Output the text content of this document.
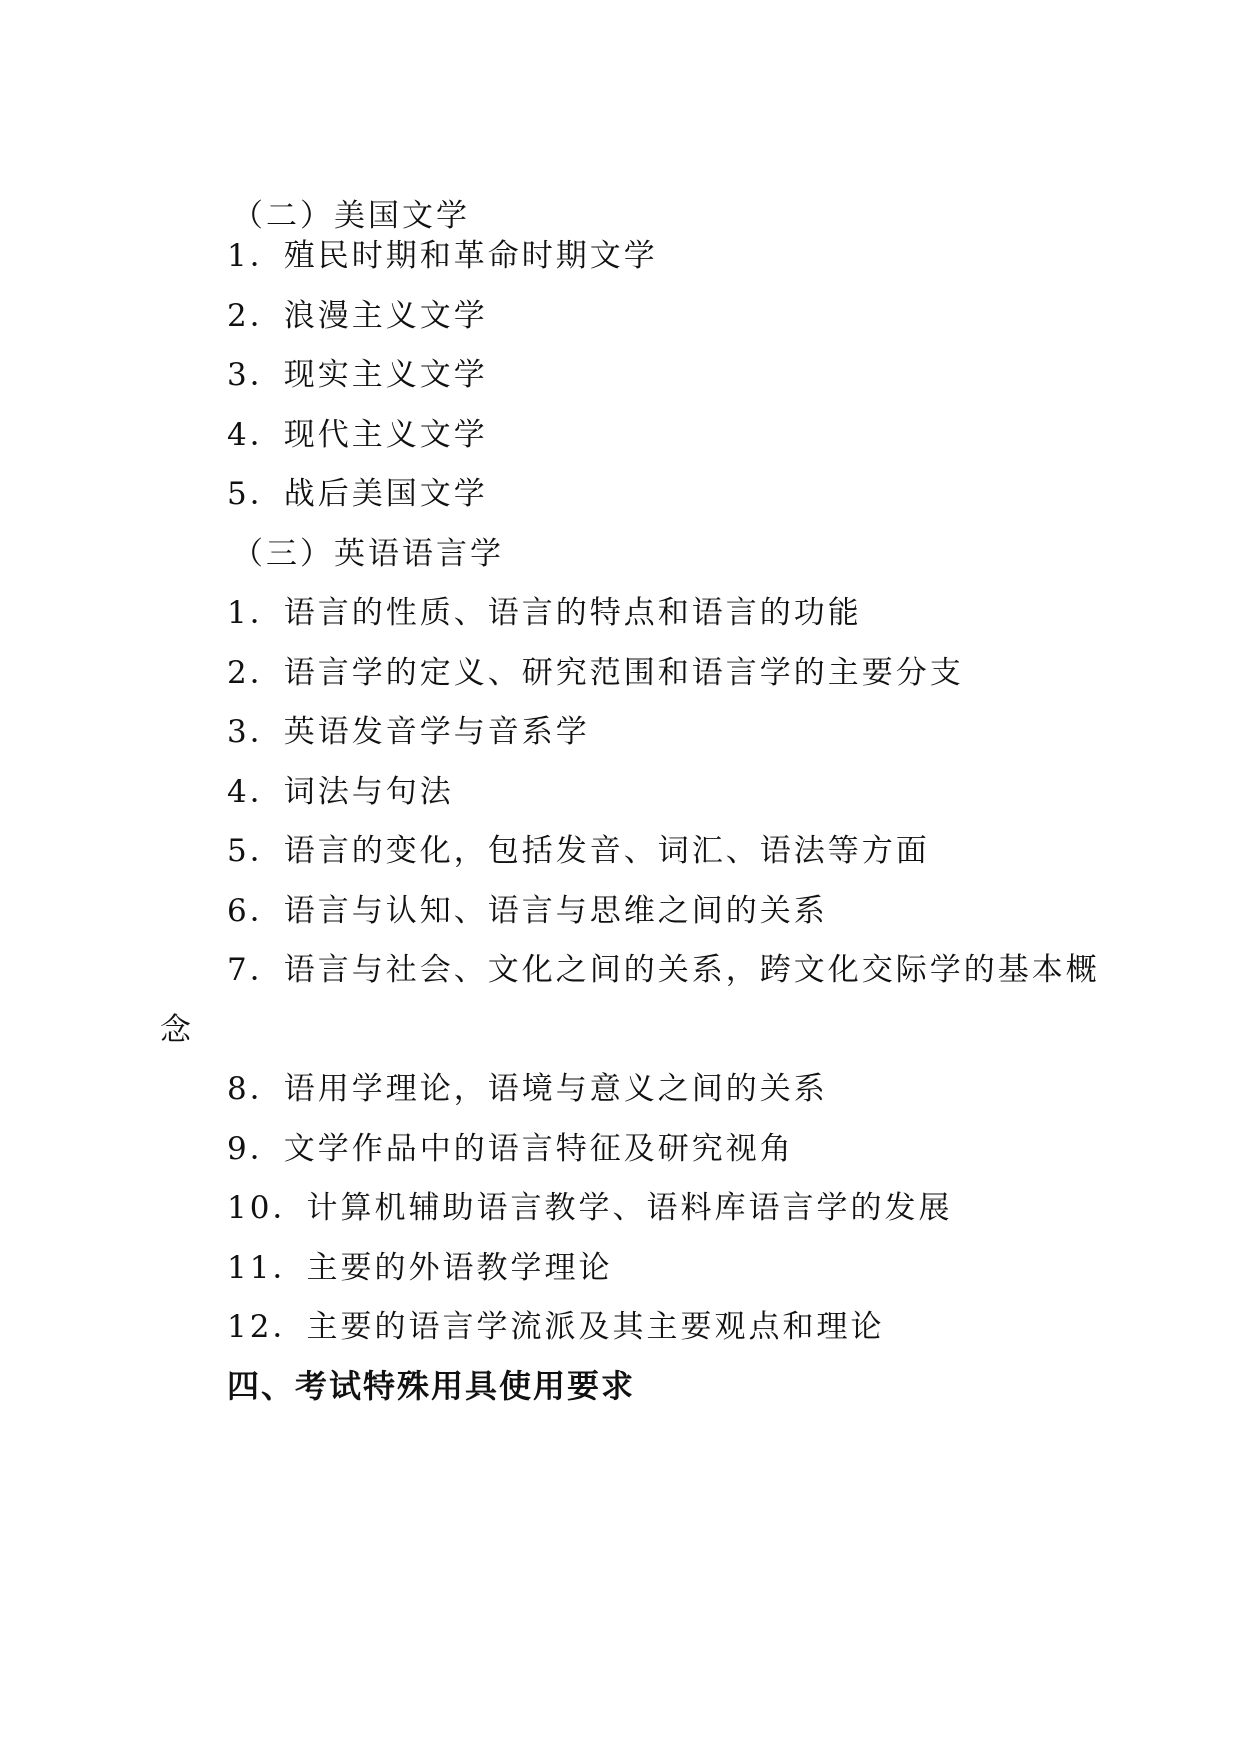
（二）美国文学
1．殖民时期和革命时期文学
2．浪漫主义文学
3．现实主义文学
4．现代主义文学
5．战后美国文学
（三）英语语言学
1．语言的性质、语言的特点和语言的功能
2．语言学的定义、研究范围和语言学的主要分支
3．英语发音学与音系学
4．词法与句法
5．语言的变化，包括发音、词汇、语法等方面
6．语言与认知、语言与思维之间的关系
7．语言与社会、文化之间的关系，跨文化交际学的基本概
念
8．语用学理论，语境与意义之间的关系
9．文学作品中的语言特征及研究视角
10．计算机辅助语言教学、语料库语言学的发展
11．主要的外语教学理论
12．主要的语言学流派及其主要观点和理论
四、考试特殊用具使用要求
